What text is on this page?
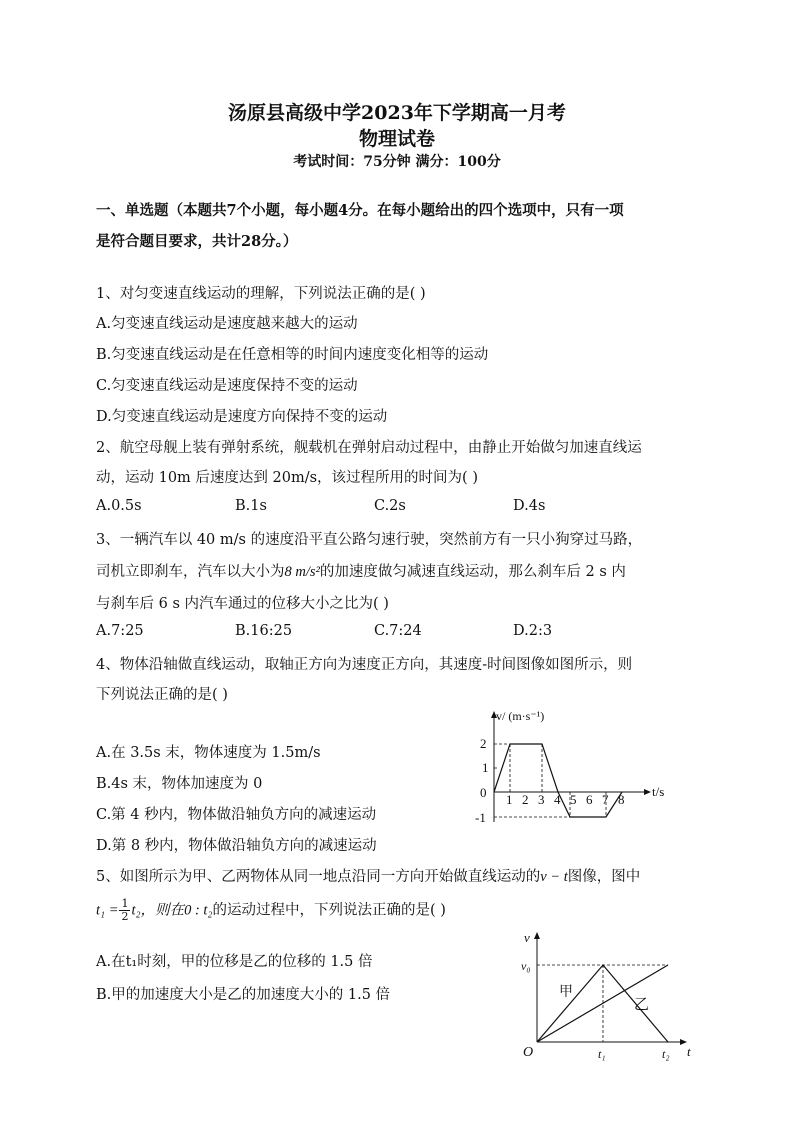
汤原县高级中学2023年下学期高一月考
物理试卷
考试时间：75分钟 满分：100分
一、单选题（本题共7个小题，每小题4分。在每小题给出的四个选项中，只有一项
是符合题目要求，共计28分。）
1、对匀变速直线运动的理解，下列说法正确的是( )
A.匀变速直线运动是速度越来越大的运动
B.匀变速直线运动是在任意相等的时间内速度变化相等的运动
C.匀变速直线运动是速度保持不变的运动
D.匀变速直线运动是速度方向保持不变的运动
2、航空母舰上装有弹射系统，舰载机在弹射启动过程中，由静止开始做匀加速直线运
动，运动 10m 后速度达到 20m/s，该过程所用的时间为( )
A.0.5s	B.1s	C.2s	D.4s
3、一辆汽车以 40 m/s 的速度沿平直公路匀速行驶，突然前方有一只小狗穿过马路，
司机立即刹车，汽车以大小为8 m/s²的加速度做匀减速直线运动，那么刹车后 2 s 内
与刹车后 6 s 内汽车通过的位移大小之比为( )
A.7:25	B.16:25	C.7:24	D.2:3
4、物体沿轴做直线运动，取轴正方向为速度正方向，其速度-时间图像如图所示，则
下列说法正确的是( )
A.在 3.5s 末，物体速度为 1.5m/s
B.4s 末，物体加速度为 0
C.第 4 秒内，物体做沿轴负方向的减速运动
D.第 8 秒内，物体做沿轴负方向的减速运动
v/ (m·s⁻¹)
t/s
0
2
1
-1
1 2 3 4 5 6 7 8
5、如图所示为甲、乙两物体从同一地点沿同一方向开始做直线运动的v − t图像，图中
$t_1 = \frac{1}{2} t_2$，则在0 : t₂的运动过程中，下列说法正确的是( )
A.在t₁时刻，甲的位移是乙的位移的 1.5 倍
B.甲的加速度大小是乙的加速度大小的 1.5 倍
v
t
O
v₀
t₁	t₂
甲
乙
